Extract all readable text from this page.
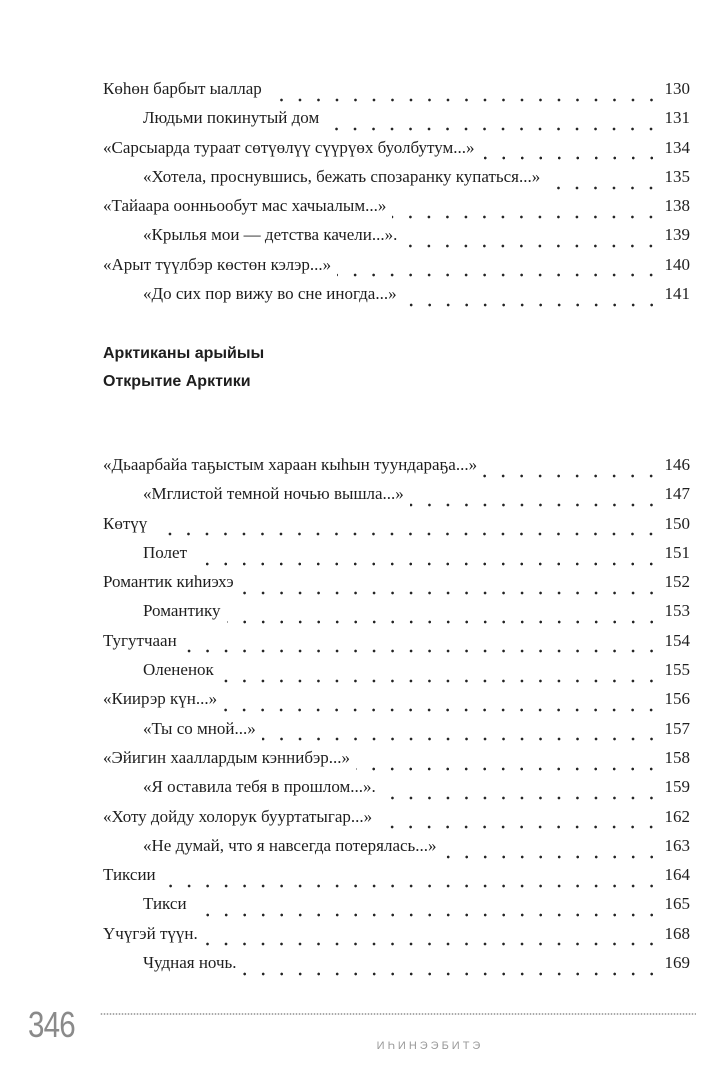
Көһөн барбыт ыаллар	130
Людьми покинутый дом	131
«Сарсыарда тураат сөтүөлүү сүүрүөх буолбутум...»	134
«Хотела, проснувшись, бежать спозаранку купаться...»	135
«Тайаара оонньообут мас хачыалым...»	138
«Крылья мои — детства качели...».	139
«Арыт түүлбэр көстөн кэлэр...»	140
«До сих пор вижу во сне иногда...»	141
Арктиканы арыйыы
Открытие Арктики
«Дьаарбайа таҕыстым хараан кыһын туундараҕа...»	146
«Мглистой темной ночью вышла...»	147
Көтүү	150
Полет	151
Романтик киһиэхэ	152
Романтику	153
Тугутчаан	154
Олененок	155
«Киирэр күн...»	156
«Ты со мной...»	157
«Эйигин хааллардым кэннибэр...»	158
«Я оставила тебя в прошлом...».	159
«Хоту дойду холорук бууртатыгар...»	162
«Не думай, что я навсегда потерялась...»	163
Тиксии	164
Тикси	165
Үчүгэй түүн.	168
Чудная ночь.	169
346
ИҺИНЭЭБИТЭ
